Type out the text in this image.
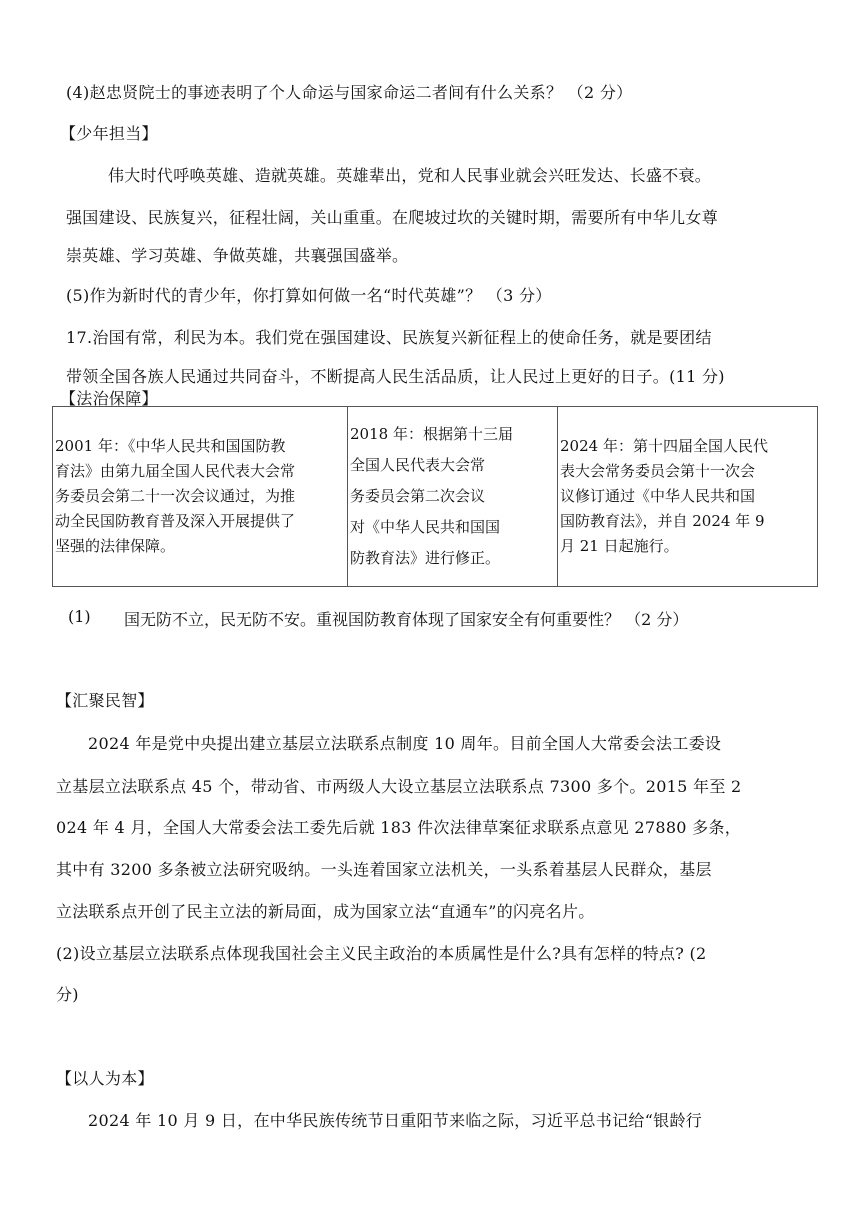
(4)赵忠贤院士的事迹表明了个人命运与国家命运二者间有什么关系？ （2 分）
【少年担当】
伟大时代呼唤英雄、造就英雄。英雄辈出，党和人民事业就会兴旺发达、长盛不衰。
强国建设、民族复兴，征程壮阔，关山重重。在爬坡过坎的关键时期，需要所有中华儿女尊
崇英雄、学习英雄、争做英雄，共襄强国盛举。
(5)作为新时代的青少年，你打算如何做一名“时代英雄”？ （3 分）
17.治国有常，利民为本。我们党在强国建设、民族复兴新征程上的使命任务，就是要团结
带领全国各族人民通过共同奋斗，不断提高人民生活品质，让人民过上更好的日子。(11 分)
【法治保障】
2001 年：《中华人民共和国国防教
育法》由第九届全国人民代表大会常
务委员会第二十一次会议通过，为推
动全民国防教育普及深入开展提供了
坚强的法律保障。	2018 年：根据第十三届
全国人民代表大会常
务委员会第二次会议
对《中华人民共和国国
防教育法》进行修正。	2024 年：第十四届全国人民代
表大会常务委员会第十一次会
议修订通过《中华人民共和国
国防教育法》，并自 2024 年 9
月 21 日起施行。
(1) 国无防不立，民无防不安。重视国防教育体现了国家安全有何重要性？ （2 分）
【汇聚民智】
2024 年是党中央提出建立基层立法联系点制度 10 周年。目前全国人大常委会法工委设
立基层立法联系点 45 个，带动省、市两级人大设立基层立法联系点 7300 多个。2015 年至 2
024 年 4 月，全国人大常委会法工委先后就 183 件次法律草案征求联系点意见 27880 多条，
其中有 3200 多条被立法研究吸纳。一头连着国家立法机关，一头系着基层人民群众，基层
立法联系点开创了民主立法的新局面，成为国家立法“直通车”的闪亮名片。
(2)设立基层立法联系点体现我国社会主义民主政治的本质属性是什么?具有怎样的特点? (2
分)
【以人为本】
2024 年 10 月 9 日，在中华民族传统节日重阳节来临之际，习近平总书记给“银龄行
